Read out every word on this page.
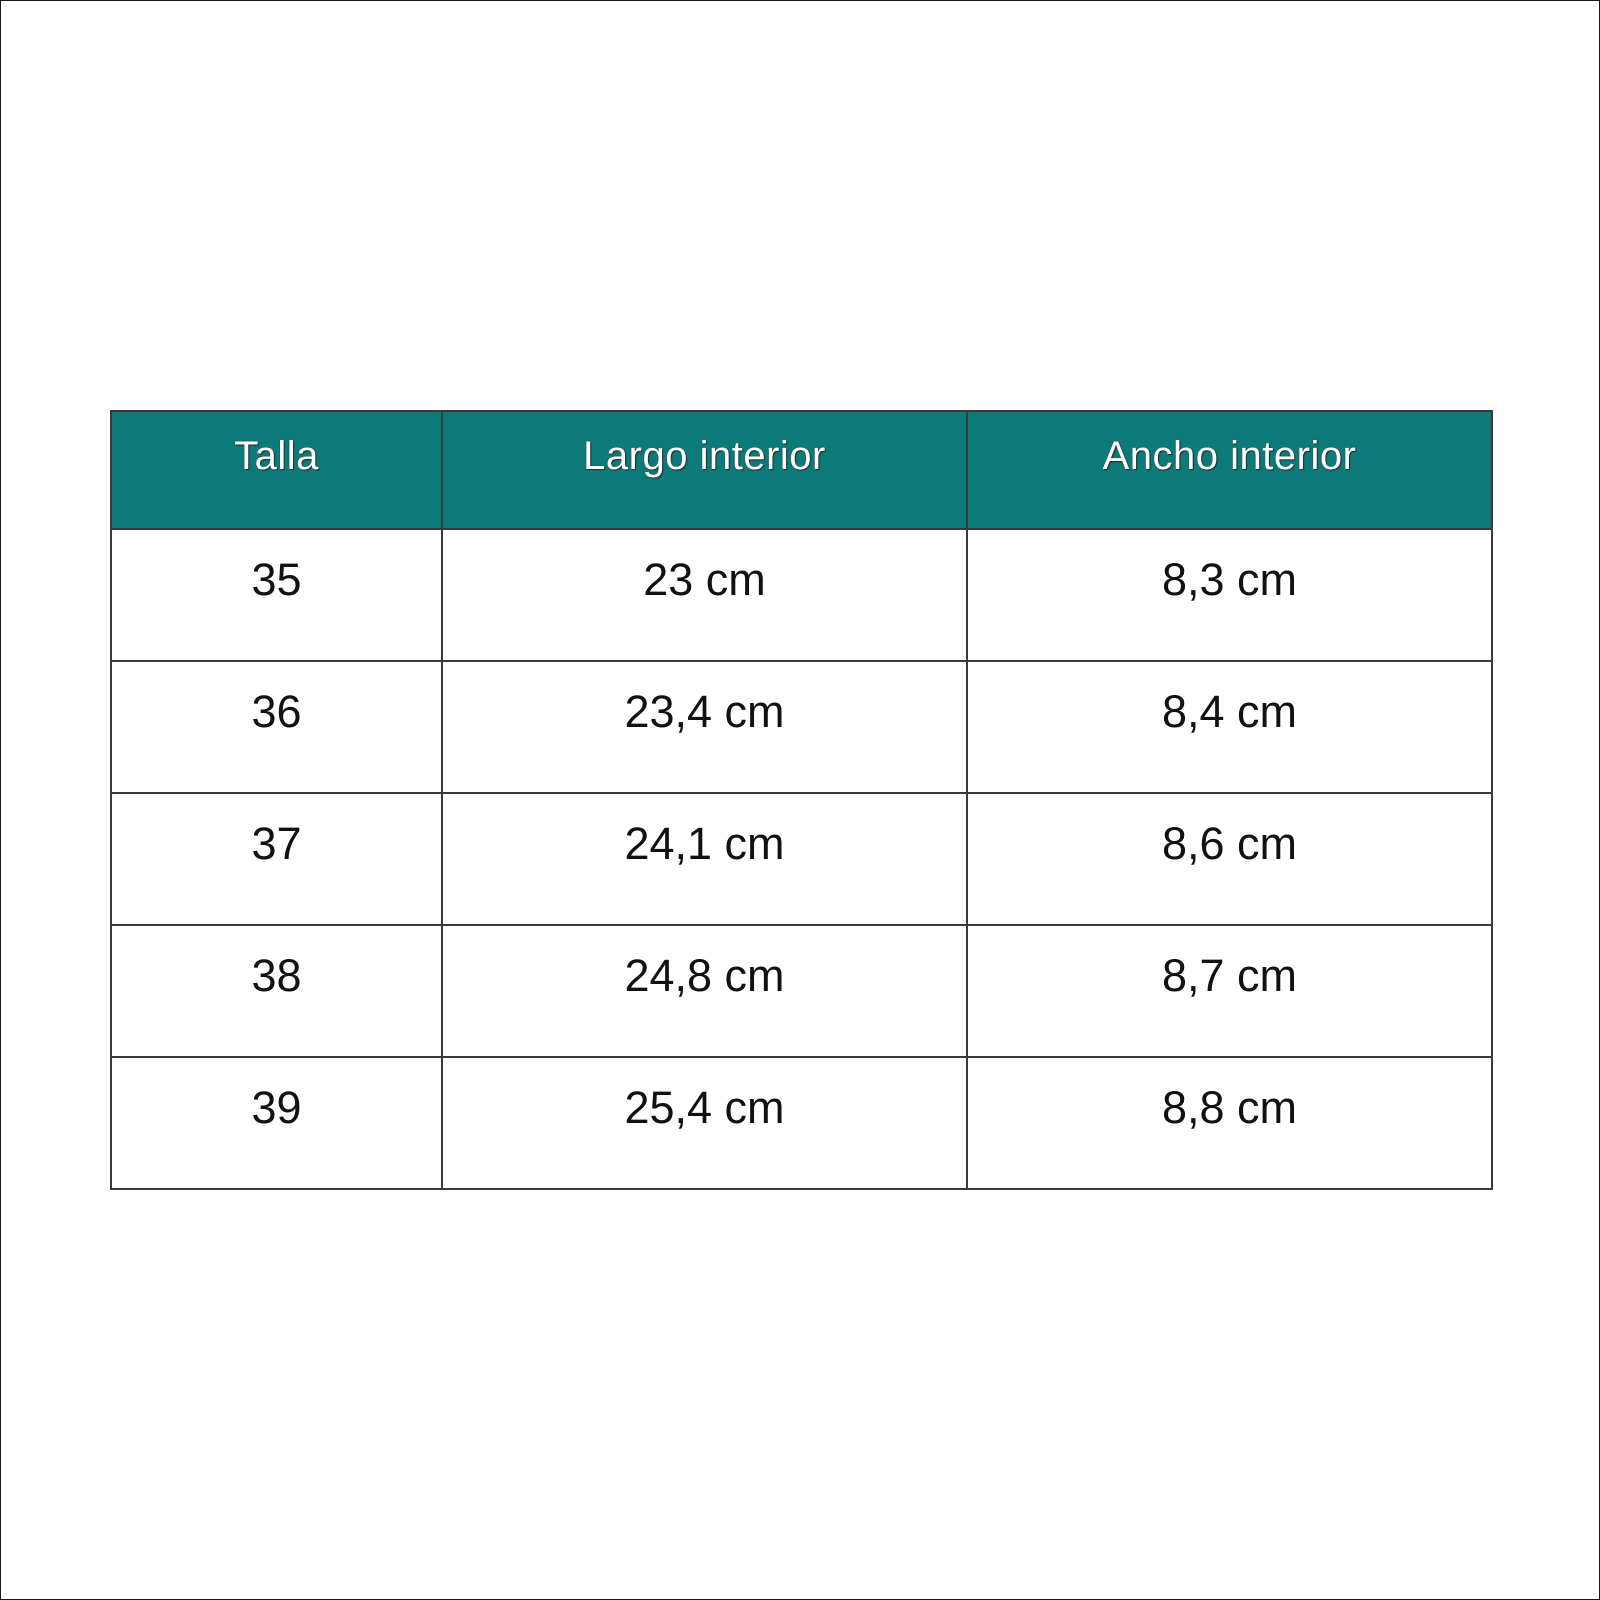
Talla	Largo interior	Ancho interior
35	23 cm	8,3 cm
36	23,4 cm	8,4 cm
37	24,1 cm	8,6 cm
38	24,8 cm	8,7 cm
39	25,4 cm	8,8 cm
